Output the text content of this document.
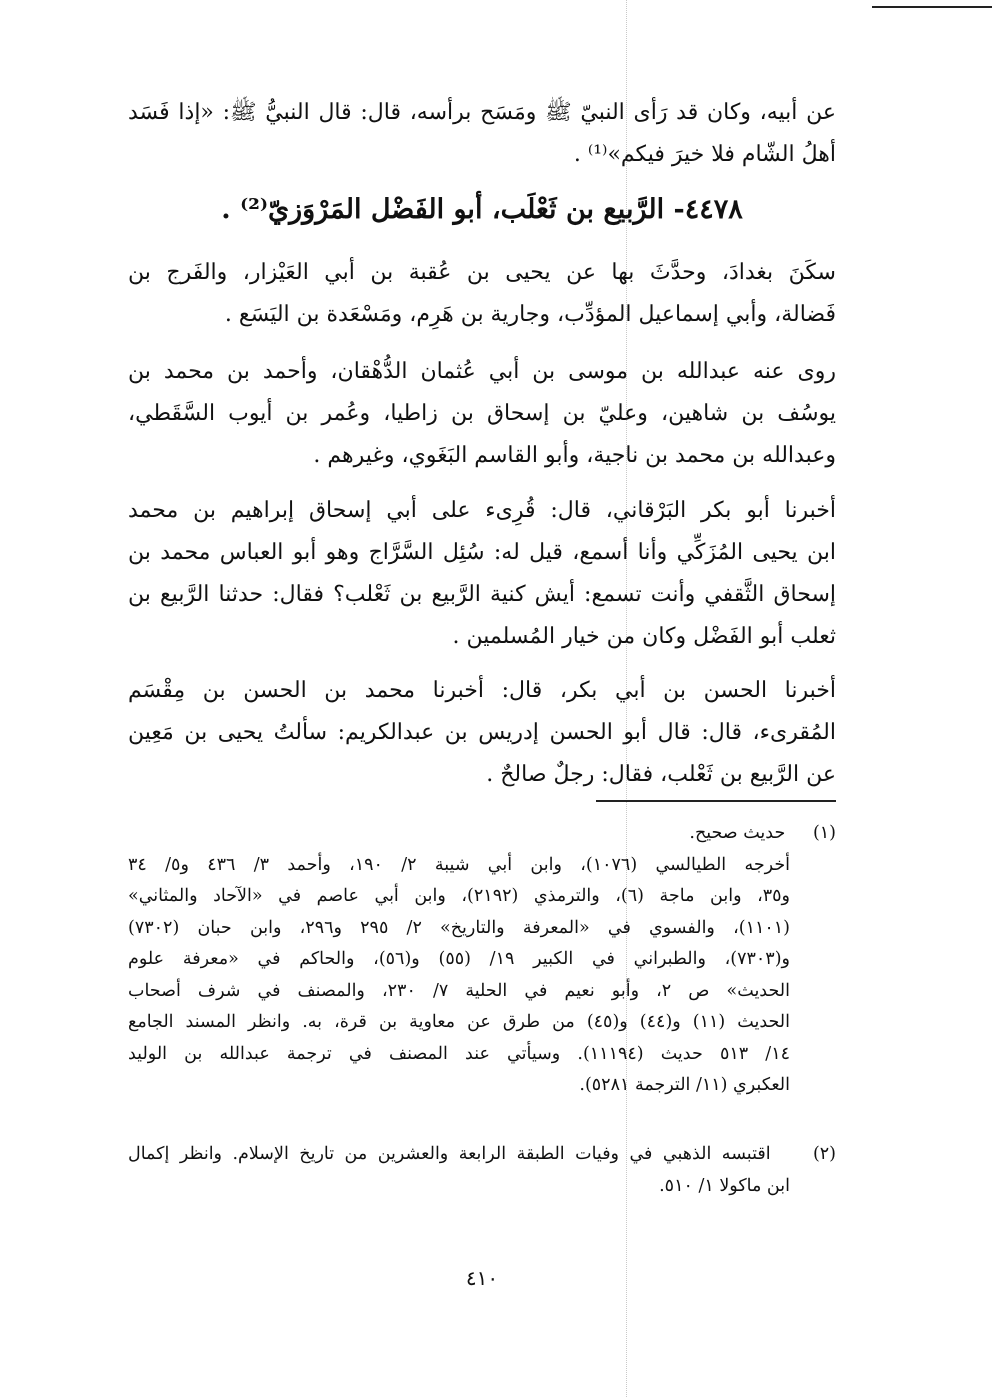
عن أبيه، وكان قد رَأى النبيّ ﷺ ومَسَح برأسه، قال: قال النبيُّ ﷺ: «إذا فَسَد
أهلُ الشّام فلا خيرَ فيكم»⁽¹⁾ .
٤٤٧٨- الرَّبيع بن ثَعْلَب، أبو الفَضْل المَرْوَزيّ⁽²⁾ .
سكَنَ بغدادَ، وحدَّثَ بها عن يحيى بن عُقبة بن أبي العَيْزار، والفَرج بن
فَضالة، وأبي إسماعيل المؤدِّب، وجارية بن هَرِم، ومَسْعَدة بن اليَسَع .
روى عنه عبدالله بن موسى بن أبي عُثمان الدُّهْقان، وأحمد بن محمد بن
يوسُف بن شاهين، وعليّ بن إسحاق بن زاطيا، وعُمر بن أيوب السَّقَطي،
وعبدالله بن محمد بن ناجية، وأبو القاسم البَغَوي، وغيرهم .
أخبرنا أبو بكر البَرْقاني، قال: قُرِىء على أبي إسحاق إبراهيم بن محمد
ابن يحيى المُزَكِّي وأنا أسمع، قيل له: سُئِل السَّرَّاج وهو أبو العباس محمد بن
إسحاق الثَّقفي وأنت تسمع: أيش كنية الرَّبيع بن ثَعْلب؟ فقال: حدثنا الرَّبيع بن
ثعلب أبو الفَضْل وكان من خيار المُسلمين .
أخبرنا الحسن بن أبي بكر، قال: أخبرنا محمد بن الحسن بن مِقْسَم
المُقرىء، قال: قال أبو الحسن إدريس بن عبدالكريم: سألتُ يحيى بن مَعِين
عن الرَّبيع بن ثَعْلب، فقال: رجلٌ صالحٌ .
(١)   حديث صحيح.
أخرجه الطيالسي (١٠٧٦)، وابن أبي شيبة ٢/ ١٩٠، وأحمد ٣/ ٤٣٦ و٥/ ٣٤
و٣٥، وابن ماجة (٦)، والترمذي (٢١٩٢)، وابن أبي عاصم في «الآحاد والمثاني»
(١١٠١)، والفسوي في «المعرفة والتاريخ» ٢/ ٢٩٥ و٢٩٦، وابن حبان (٧٣٠٢)
و(٧٣٠٣)، والطبراني في الكبير ١٩/ (٥٥) و(٥٦)، والحاكم في «معرفة علوم
الحديث» ص ٢، وأبو نعيم في الحلية ٧/ ٢٣٠، والمصنف في شرف أصحاب
الحديث (١١) و(٤٤) و(٤٥) من طرق عن معاوية بن قرة، به. وانظر المسند الجامع
١٤/ ٥١٣ حديث (١١١٩٤). وسيأتي عند المصنف في ترجمة عبدالله بن الوليد
العكبري (١١/ الترجمة ٥٢٨١).
(٢)   اقتبسه الذهبي في وفيات الطبقة الرابعة والعشرين من تاريخ الإسلام. وانظر إكمال
ابن ماكولا ١/ ٥١٠.
٤١٠
